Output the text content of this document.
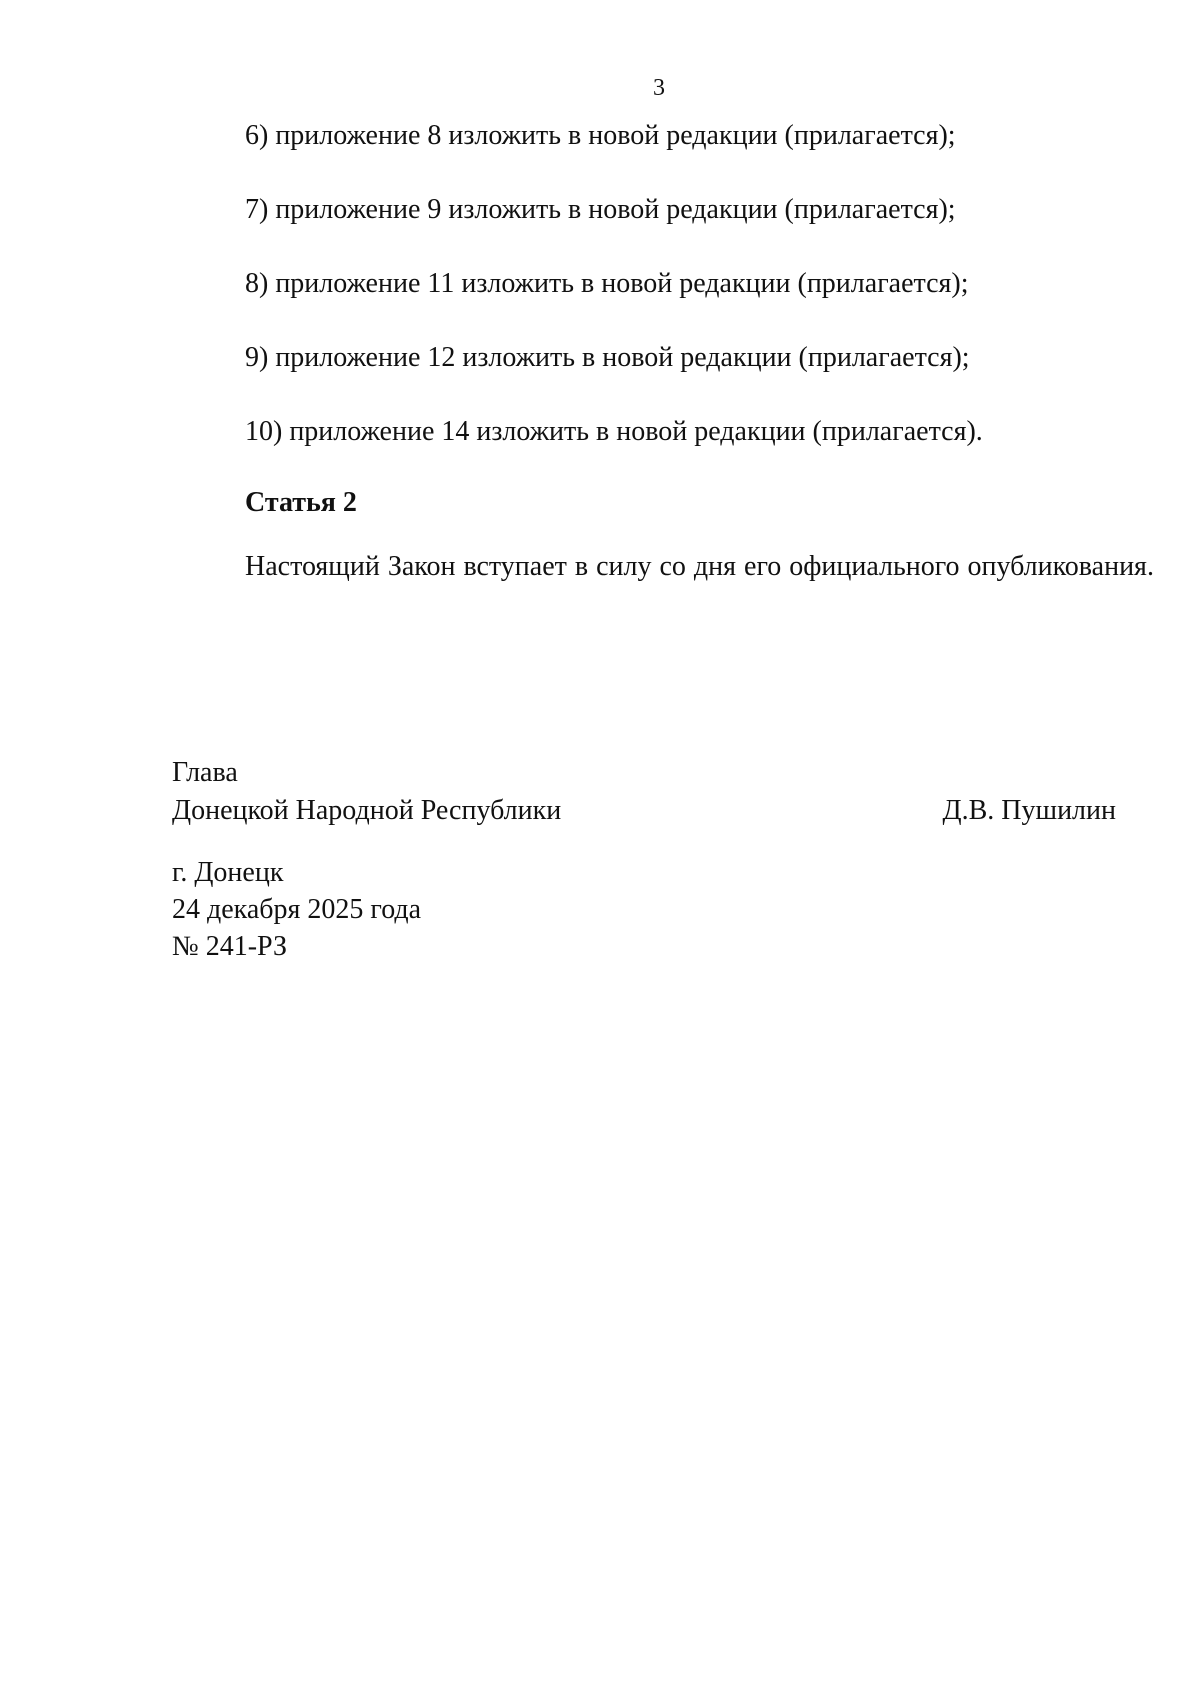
3
6) приложение 8 изложить в новой редакции (прилагается);
7) приложение 9 изложить в новой редакции (прилагается);
8) приложение 11 изложить в новой редакции (прилагается);
9) приложение 12 изложить в новой редакции (прилагается);
10) приложение 14 изложить в новой редакции (прилагается).
Статья 2
Настоящий Закон вступает в силу со дня его официального опубликования.
Глава
Донецкой Народной Республики	Д.В. Пушилин
г. Донецк
24 декабря 2025 года
№ 241-РЗ
